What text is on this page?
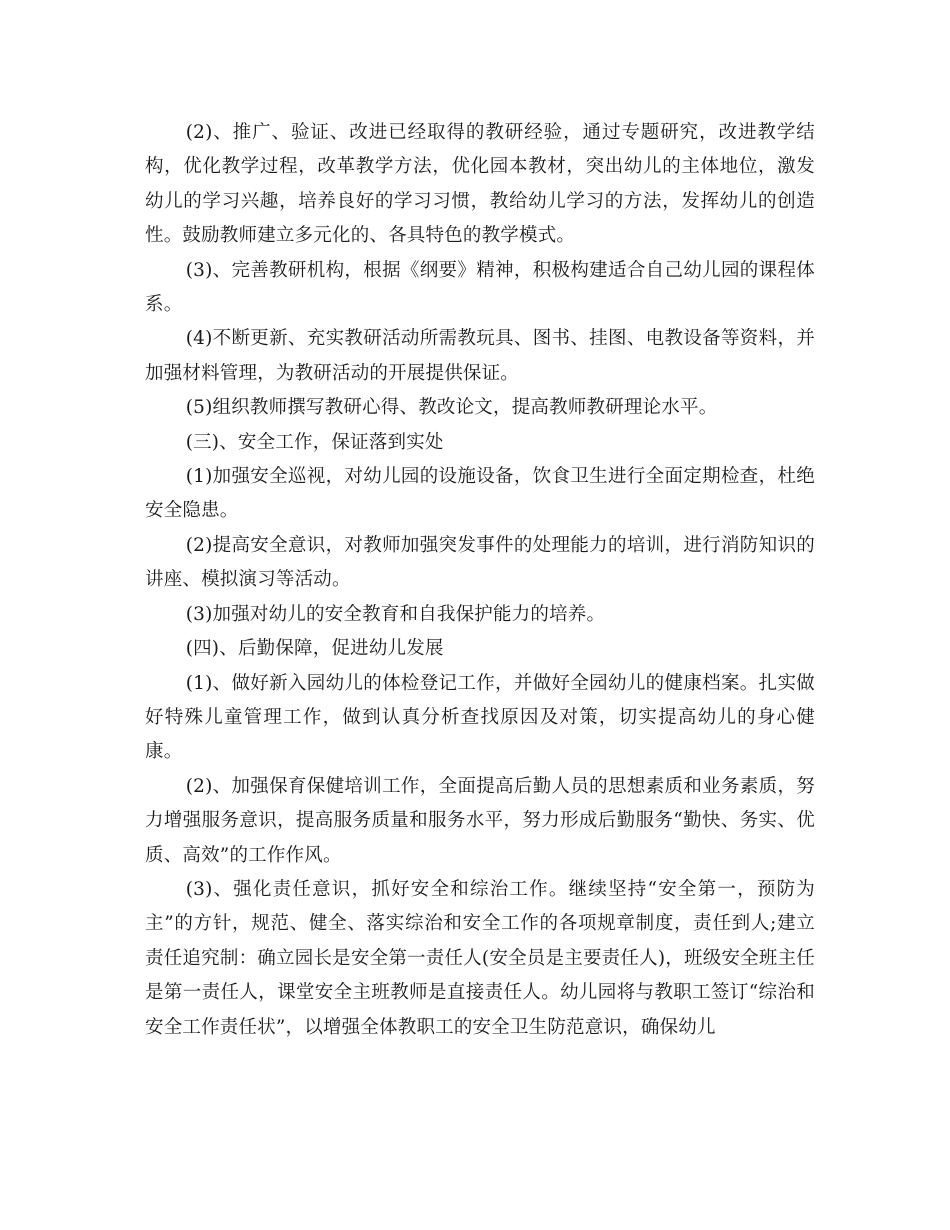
(2)、推广、验证、改进已经取得的教研经验，通过专题研究，改进教学结构，优化教学过程，改革教学方法，优化园本教材，突出幼儿的主体地位，激发幼儿的学习兴趣，培养良好的学习习惯，教给幼儿学习的方法，发挥幼儿的创造性。鼓励教师建立多元化的、各具特色的教学模式。

(3)、完善教研机构，根据《纲要》精神，积极构建适合自己幼儿园的课程体系。

(4)不断更新、充实教研活动所需教玩具、图书、挂图、电教设备等资料，并加强材料管理，为教研活动的开展提供保证。

(5)组织教师撰写教研心得、教改论文，提高教师教研理论水平。

(三)、安全工作，保证落到实处

(1)加强安全巡视，对幼儿园的设施设备，饮食卫生进行全面定期检查，杜绝安全隐患。

(2)提高安全意识，对教师加强突发事件的处理能力的培训，进行消防知识的讲座、模拟演习等活动。

(3)加强对幼儿的安全教育和自我保护能力的培养。

(四)、后勤保障，促进幼儿发展

(1)、做好新入园幼儿的体检登记工作，并做好全园幼儿的健康档案。扎实做好特殊儿童管理工作，做到认真分析查找原因及对策，切实提高幼儿的身心健康。

(2)、加强保育保健培训工作，全面提高后勤人员的思想素质和业务素质，努力增强服务意识，提高服务质量和服务水平，努力形成后勤服务“勤快、务实、优质、高效”的工作作风。

(3)、强化责任意识，抓好安全和综治工作。继续坚持“安全第一，预防为主”的方针，规范、健全、落实综治和安全工作的各项规章制度，责任到人;建立责任追究制：确立园长是安全第一责任人(安全员是主要责任人)，班级安全班主任是第一责任人，课堂安全主班教师是直接责任人。幼儿园将与教职工签订“综治和安全工作责任状”，以增强全体教职工的安全卫生防范意识，确保幼儿
